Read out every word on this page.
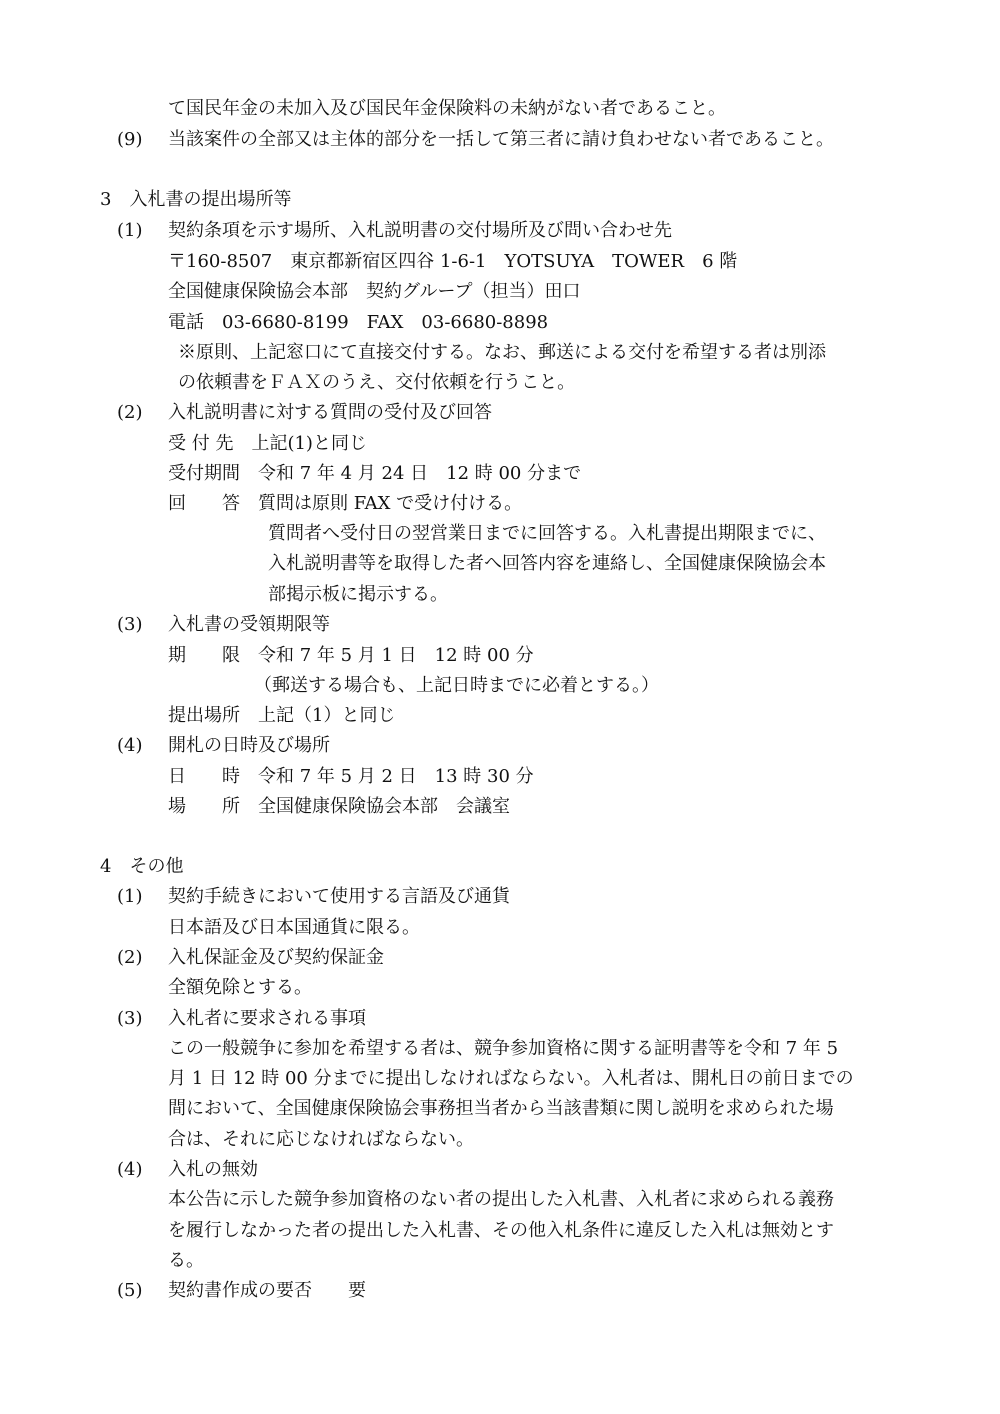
て国民年金の未加入及び国民年金保険料の未納がない者であること。
(9) 当該案件の全部又は主体的部分を一括して第三者に請け負わせない者であること。
3　入札書の提出場所等
(1) 契約条項を示す場所、入札説明書の交付場所及び問い合わせ先
〒160-8507　東京都新宿区四谷 1-6-1　YOTSUYA　TOWER　6 階
全国健康保険協会本部　契約グループ（担当）田口
電話　03-6680-8199　FAX　03-6680-8898
※原則、上記窓口にて直接交付する。なお、郵送による交付を希望する者は別添
の依頼書をＦＡＸのうえ、交付依頼を行うこと。
(2) 入札説明書に対する質問の受付及び回答
受 付 先　上記(1)と同じ
受付期間　令和 7 年 4 月 24 日　12 時 00 分まで
回　　答　質問は原則 FAX で受け付ける。
質問者へ受付日の翌営業日までに回答する。入札書提出期限までに、
入札説明書等を取得した者へ回答内容を連絡し、全国健康保険協会本
部掲示板に掲示する。
(3) 入札書の受領期限等
期　　限　令和 7 年 5 月 1 日　12 時 00 分
（郵送する場合も、上記日時までに必着とする。）
提出場所　上記（1）と同じ
(4) 開札の日時及び場所
日　　時　令和 7 年 5 月 2 日　13 時 30 分
場　　所　全国健康保険協会本部　会議室
4　その他
(1) 契約手続きにおいて使用する言語及び通貨
日本語及び日本国通貨に限る。
(2) 入札保証金及び契約保証金
全額免除とする。
(3) 入札者に要求される事項
この一般競争に参加を希望する者は、競争参加資格に関する証明書等を令和 7 年 5
月 1 日 12 時 00 分までに提出しなければならない。入札者は、開札日の前日までの
間において、全国健康保険協会事務担当者から当該書類に関し説明を求められた場
合は、それに応じなければならない。
(4) 入札の無効
本公告に示した競争参加資格のない者の提出した入札書、入札者に求められる義務
を履行しなかった者の提出した入札書、その他入札条件に違反した入札は無効とす
る。
(5) 契約書作成の要否　　要
